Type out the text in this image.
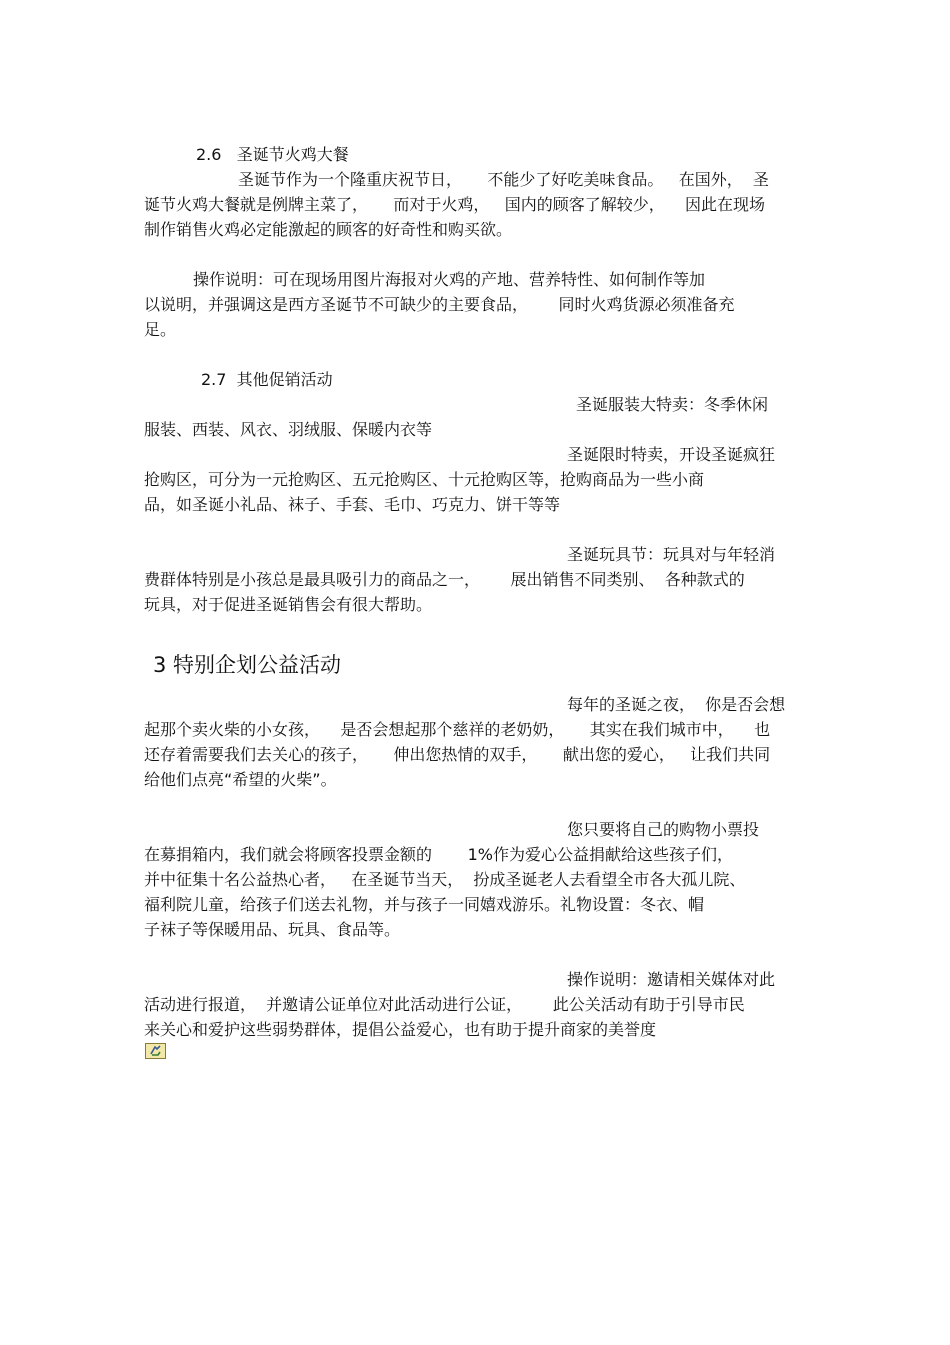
2.6   圣诞节火鸡大餐
圣诞节作为一个隆重庆祝节日，     不能少了好吃美味食品。   在国外，  圣
诞节火鸡大餐就是例牌主菜了，     而对于火鸡，   国内的顾客了解较少，    因此在现场
制作销售火鸡必定能激起的顾客的好奇性和购买欲。
操作说明：可在现场用图片海报对火鸡的产地、营养特性、如何制作等加
以说明，并强调这是西方圣诞节不可缺少的主要食品，      同时火鸡货源必须准备充
足。
2.7  其他促销活动
圣诞服装大特卖：冬季休闲
服装、西装、风衣、羽绒服、保暖内衣等
圣诞限时特卖，开设圣诞疯狂
抢购区，可分为一元抢购区、五元抢购区、十元抢购区等，抢购商品为一些小商
品，如圣诞小礼品、袜子、手套、毛巾、巧克力、饼干等等
圣诞玩具节：玩具对与年轻消
费群体特别是小孩总是最具吸引力的商品之一，      展出销售不同类别、  各种款式的
玩具，对于促进圣诞销售会有很大帮助。
3 特别企划公益活动
每年的圣诞之夜，  你是否会想
起那个卖火柴的小女孩，    是否会想起那个慈祥的老奶奶，     其实在我们城市中，    也
还存着需要我们去关心的孩子，     伸出您热情的双手，     献出您的爱心，   让我们共同
给他们点亮“希望的火柴”。
您只要将自己的购物小票投
在募捐箱内，我们就会将顾客投票金额的       1%作为爱心公益捐献给这些孩子们，
并中征集十名公益热心者，   在圣诞节当天，  扮成圣诞老人去看望全市各大孤儿院、
福利院儿童，给孩子们送去礼物，并与孩子一同嬉戏游乐。礼物设置：冬衣、帽
子袜子等保暖用品、玩具、食品等。
操作说明：邀请相关媒体对此
活动进行报道，  并邀请公证单位对此活动进行公证，      此公关活动有助于引导市民
来关心和爱护这些弱势群体，提倡公益爱心，也有助于提升商家的美誉度
